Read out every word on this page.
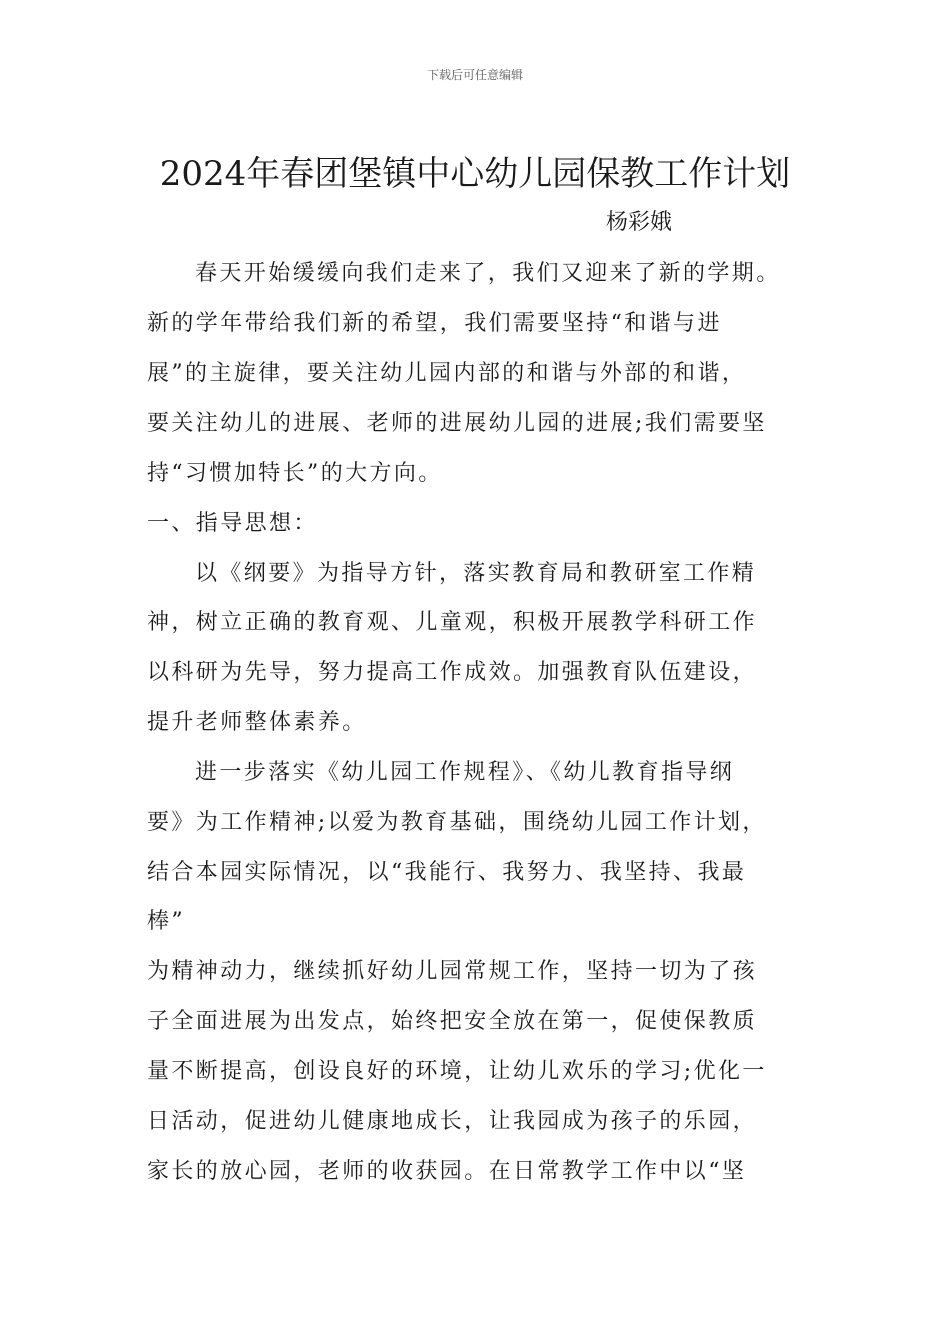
下载后可任意编辑
2024年春团堡镇中心幼儿园保教工作计划
杨彩娥
春天开始缓缓向我们走来了，我们又迎来了新的学期。
新的学年带给我们新的希望，我们需要坚持“和谐与进
展”的主旋律，要关注幼儿园内部的和谐与外部的和谐，
要关注幼儿的进展、老师的进展幼儿园的进展;我们需要坚
持“习惯加特长”的大方向。
一、指导思想：
以《纲要》为指导方针，落实教育局和教研室工作精
神，树立正确的教育观、儿童观，积极开展教学科研工作
以科研为先导，努力提高工作成效。加强教育队伍建设，
提升老师整体素养。
进一步落实《幼儿园工作规程》、《幼儿教育指导纲
要》为工作精神;以爱为教育基础，围绕幼儿园工作计划，
结合本园实际情况，以“我能行、我努力、我坚持、我最
棒”
为精神动力，继续抓好幼儿园常规工作，坚持一切为了孩
子全面进展为出发点，始终把安全放在第一，促使保教质
量不断提高，创设良好的环境，让幼儿欢乐的学习;优化一
日活动，促进幼儿健康地成长，让我园成为孩子的乐园，
家长的放心园，老师的收获园。在日常教学工作中以“坚
